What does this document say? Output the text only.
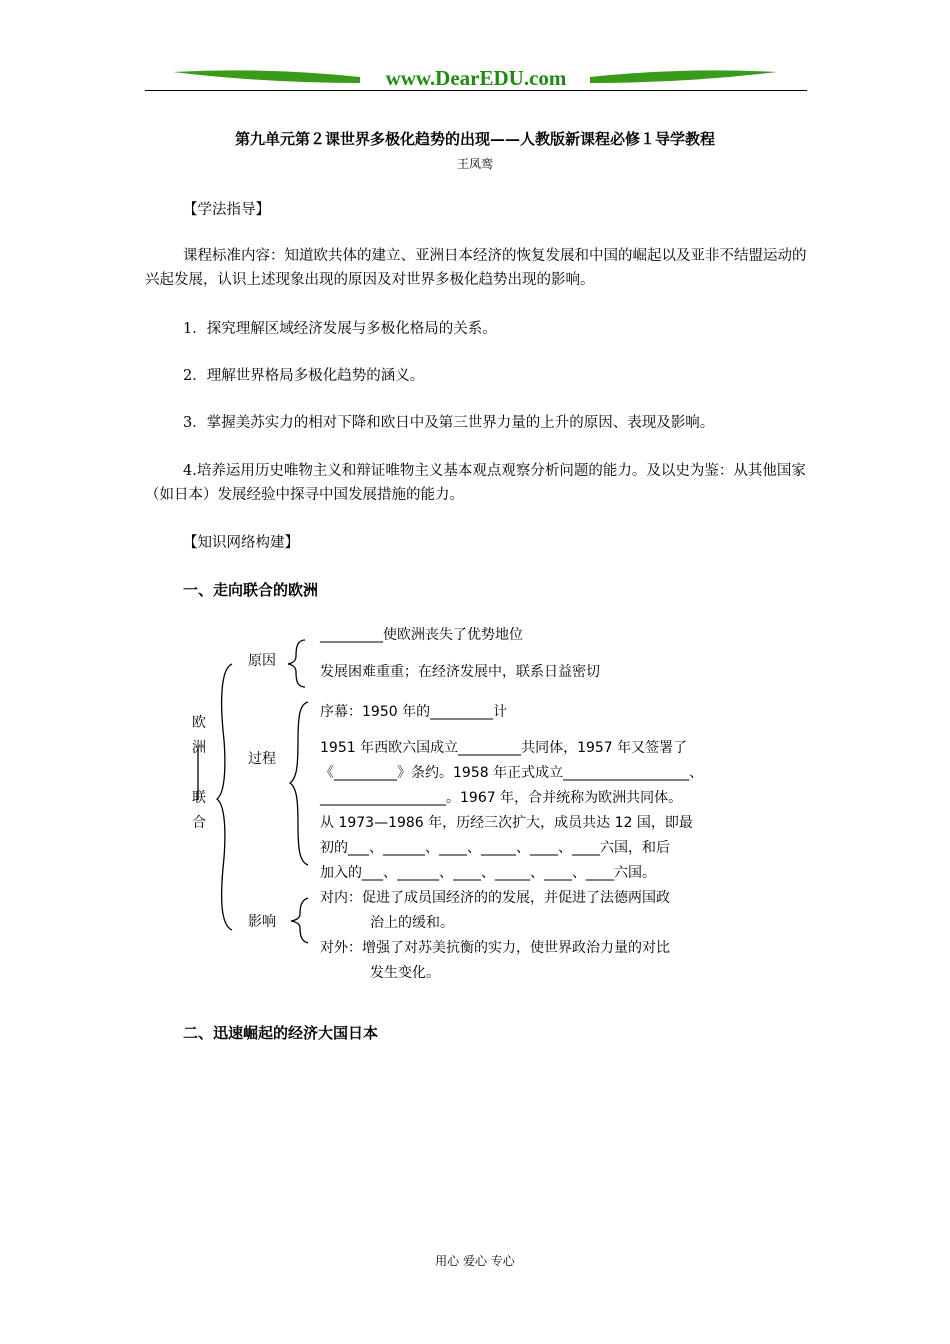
www.DearEDU.com
第九单元第２课世界多极化趋势的出现——人教版新课程必修１导学教程
王凤鸾
【学法指导】
课程标准内容：知道欧共体的建立、亚洲日本经济的恢复发展和中国的崛起以及亚非不结盟运动的兴起发展，认识上述现象出现的原因及对世界多极化趋势出现的影响。
1．探究理解区域经济发展与多极化格局的关系。
2．理解世界格局多极化趋势的涵义。
3．掌握美苏实力的相对下降和欧日中及第三世界力量的上升的原因、表现及影响。
4.培养运用历史唯物主义和辩证唯物主义基本观点观察分析问题的能力。及以史为鉴：从其他国家（如日本）发展经验中探寻中国发展措施的能力。
【知识网络构建】
一、走向联合的欧洲
欧
洲
联
合
原因
过程
影响
_________使欧洲丧失了优势地位
发展困难重重；在经济发展中，联系日益密切
序幕：1950 年的_________计
1951 年西欧六国成立_________共同体，1957 年又签署了
《_________》条约。1958 年正式成立__________________、
__________________。1967 年，合并统称为欧洲共同体。
从 1973—1986 年，历经三次扩大，成员共达 12 国，即最
初的___、______、____、_____、____、____六国，和后
加入的___、______、____、_____、____、____六国。
对内：促进了成员国经济的的发展，并促进了法德两国政
治上的缓和。
对外：增强了对苏美抗衡的实力，使世界政治力量的对比
发生变化。
二、迅速崛起的经济大国日本
用心 爱心 专心
